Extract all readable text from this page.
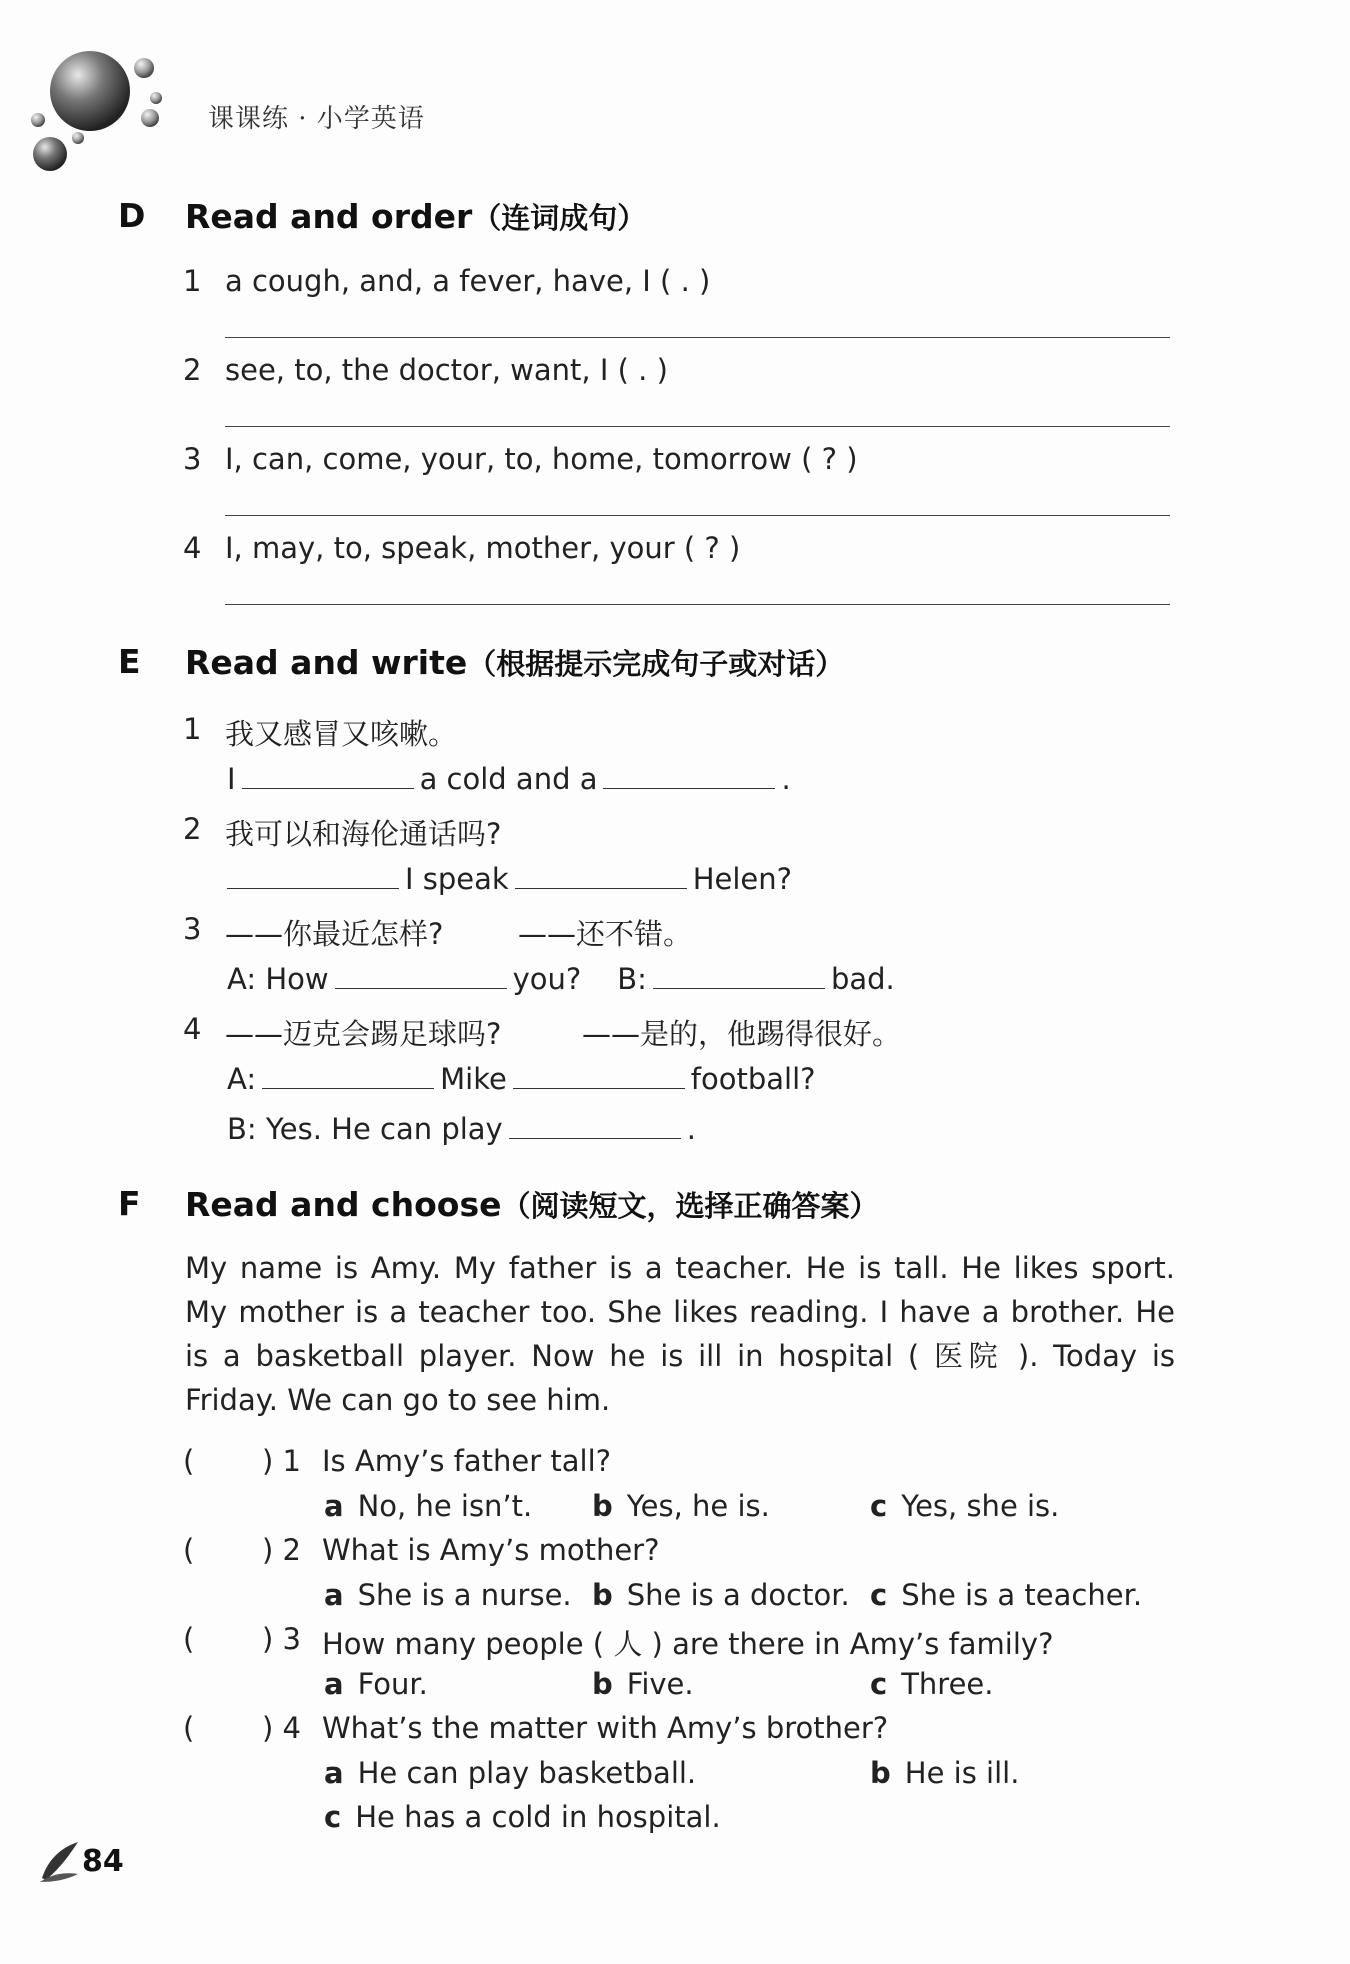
课课练 · 小学英语
D Read and order（连词成句）
1 a cough, and, a fever, have, I ( . )
2 see, to, the doctor, want, I ( . )
3 I, can, come, your, to, home, tomorrow ( ? )
4 I, may, to, speak, mother, your ( ? )
E Read and write（根据提示完成句子或对话）
1 我又感冒又咳嗽。
I	a cold and a	.
2 我可以和海伦通话吗?
I speak	Helen?
3 ——你最近怎样?	——还不错。
A: How	you? B:	bad.
4 ——迈克会踢足球吗?	——是的，他踢得很好。
A:	Mike	football?
B: Yes. He can play	.
F Read and choose（阅读短文，选择正确答案）
My name is Amy. My father is a teacher. He is tall. He likes sport. My mother is a teacher too. She likes reading. I have a brother. He is a basketball player. Now he is ill in hospital ( 医院 ). Today is Friday. We can go to see him.
( ) 1 Is Amy’s father tall?
a No, he isn’t. b Yes, he is.	c Yes, she is.
( ) 2 What is Amy’s mother?
a She is a nurse. b She is a doctor. c She is a teacher.
( ) 3 How many people ( 人 ) are there in Amy’s family?
a Four.	b Five.	c Three.
( ) 4 What’s the matter with Amy’s brother?
a He can play basketball.	b He is ill.
c He has a cold in hospital.
84
